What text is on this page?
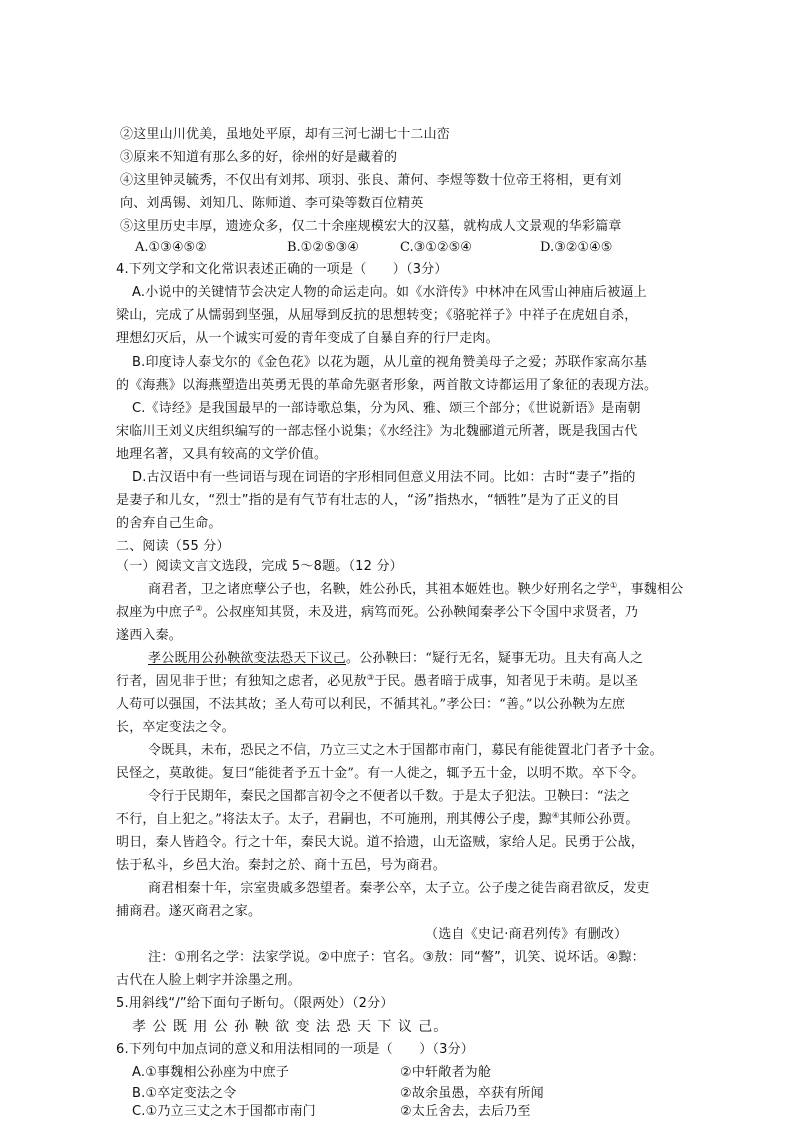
②这里山川优美，虽地处平原，却有三河七湖七十二山峦
③原来不知道有那么多的好，徐州的好是藏着的
④这里钟灵毓秀，不仅出有刘邦、项羽、张良、萧何、李煜等数十位帝王将相，更有刘
向、刘禹锡、刘知几、陈师道、李可染等数百位精英
⑤这里历史丰厚，遗迹众多，仅二十余座规模宏大的汉墓，就构成人文景观的华彩篇章
A.①③④⑤②	B.①②⑤③④	C.③①②⑤④	D.③②①④⑤
4.下列文学和文化常识表述正确的一项是（　　）（3分）
A.小说中的关键情节会决定人物的命运走向。如《水浒传》中林冲在风雪山神庙后被逼上
梁山，完成了从懦弱到坚强，从屈辱到反抗的思想转变；《骆驼祥子》中祥子在虎妞自杀，
理想幻灭后，从一个诚实可爱的青年变成了自暴自弃的行尸走肉。
B.印度诗人泰戈尔的《金色花》以花为题，从儿童的视角赞美母子之爱；苏联作家高尔基
的《海燕》以海燕塑造出英勇无畏的革命先驱者形象，两首散文诗都运用了象征的表现方法。
C.《诗经》是我国最早的一部诗歌总集，分为风、雅、颂三个部分；《世说新语》是南朝
宋临川王刘义庆组织编写的一部志怪小说集；《水经注》为北魏郦道元所著，既是我国古代
地理名著，又具有较高的文学价值。
D.古汉语中有一些词语与现在词语的字形相同但意义用法不同。比如：古时“妻子”指的
是妻子和儿女，“烈士”指的是有气节有壮志的人，“汤”指热水，“牺牲”是为了正义的目
的舍弃自己生命。
二、阅读（55 分）
（一）阅读文言文选段，完成 5～8题。（12 分）
商君者，卫之诸庶孽公子也，名鞅，姓公孙氏，其祖本姬姓也。鞅少好刑名之学①，事魏相公
叔座为中庶子②。公叔座知其贤，未及进，病笃而死。公孙鞅闻秦孝公下令国中求贤者，乃
遂西入秦。
孝公既用公孙鞅欲变法恐天下议己。公孙鞅曰：“疑行无名，疑事无功。且夫有高人之
行者，固见非于世；有独知之虑者，必见敖③于民。愚者暗于成事，知者见于未萌。是以圣
人苟可以强国，不法其故；圣人苟可以利民，不循其礼。”孝公曰：“善。”以公孙鞅为左庶
长，卒定变法之令。
令既具，未布，恐民之不信，乃立三丈之木于国都市南门，募民有能徙置北门者予十金。
民怪之，莫敢徙。复曰“能徙者予五十金”。有一人徙之，辄予五十金，以明不欺。卒下令。
令行于民期年，秦民之国都言初令之不便者以千数。于是太子犯法。卫鞅曰：“法之
不行，自上犯之。”将法太子。太子，君嗣也，不可施刑，刑其傅公子虔，黥④其师公孙贾。
明日，秦人皆趋令。行之十年，秦民大说。道不拾遗，山无盗贼，家给人足。民勇于公战，
怯于私斗，乡邑大治。秦封之於、商十五邑，号为商君。
商君相秦十年，宗室贵戚多怨望者。秦孝公卒，太子立。公子虔之徒告商君欲反，发吏
捕商君。遂灭商君之家。
（选自《史记·商君列传》有删改）
注：①刑名之学：法家学说。②中庶子：官名。③敖：同“謷”，讥笑、说坏话。④黥：
古代在人脸上刺字并涂墨之刑。
5.用斜线“/”给下面句子断句。（限两处）（2分）
孝 公 既 用 公 孙 鞅 欲 变 法 恐 天 下 议 己。
6.下列句中加点词的意义和用法相同的一项是（　　）（3分）
A.①事魏相公孙座为中庶子	②中轩敞者为舱
B.①卒定变法之令	②故余虽愚，卒获有所闻
C.①乃立三丈之木于国都市南门	②太丘舍去，去后乃至
